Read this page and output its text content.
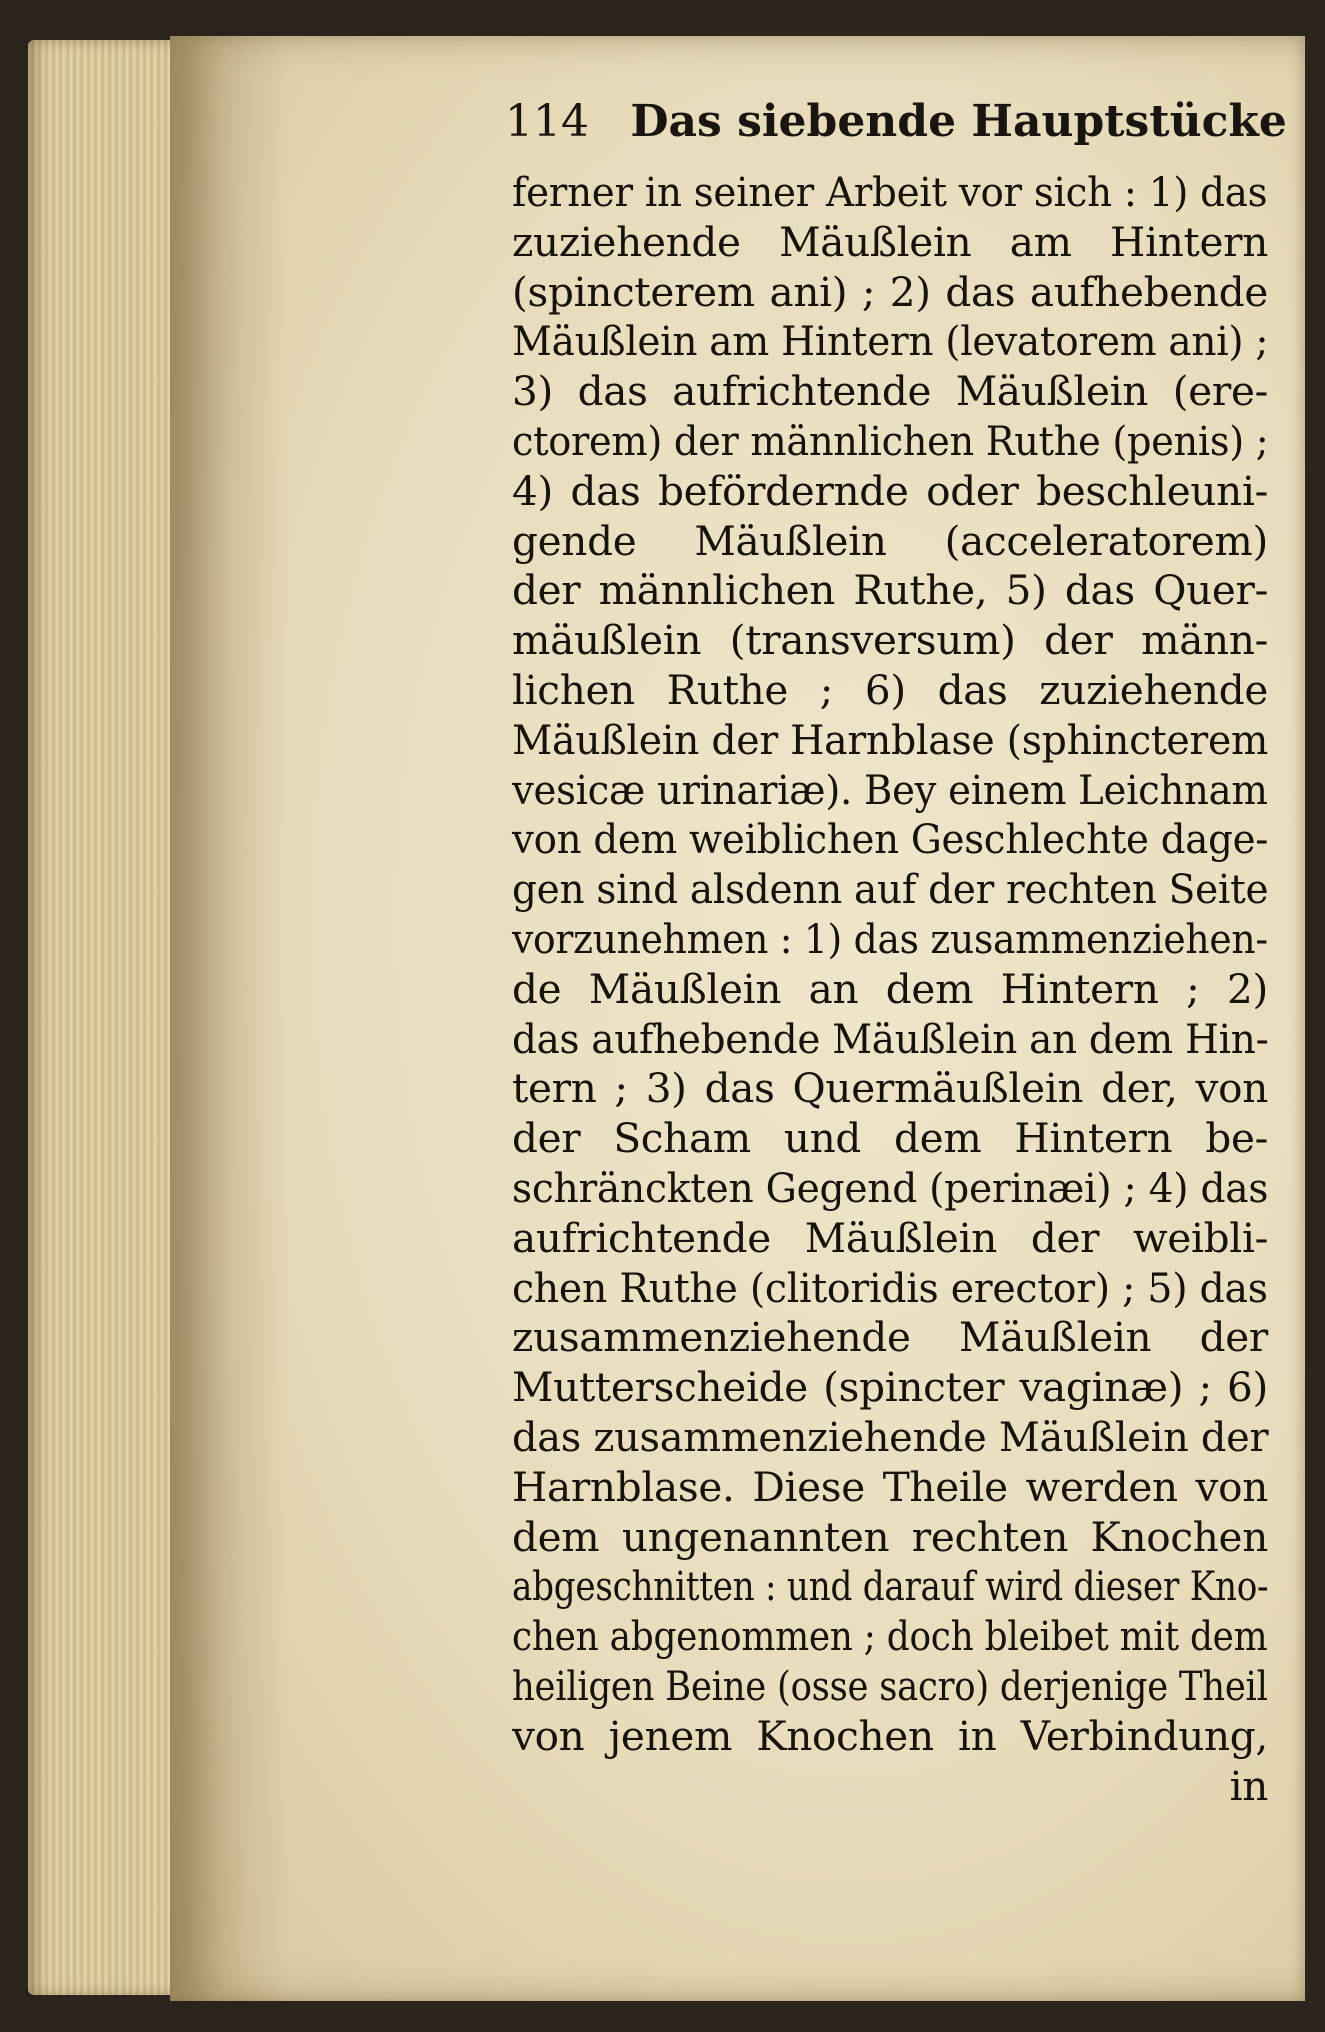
114 Das siebende Hauptstücke
ferner in seiner Arbeit vor sich : 1) das
zuziehende Mäußlein am Hintern
(spincterem ani) ; 2) das aufhebende
Mäußlein am Hintern (levatorem ani) ;
3) das aufrichtende Mäußlein (ere-
ctorem) der männlichen Ruthe (penis) ;
4) das befördernde oder beschleuni-
gende Mäußlein (acceleratorem)
der männlichen Ruthe, 5) das Quer-
mäußlein (transversum) der männ-
lichen Ruthe ; 6) das zuziehende
Mäußlein der Harnblase (sphincterem
vesicæ urinariæ). Bey einem Leichnam
von dem weiblichen Geschlechte dage-
gen sind alsdenn auf der rechten Seite
vorzunehmen : 1) das zusammenziehen-
de Mäußlein an dem Hintern ; 2)
das aufhebende Mäußlein an dem Hin-
tern ; 3) das Quermäußlein der, von
der Scham und dem Hintern be-
schränckten Gegend (perinæi) ; 4) das
aufrichtende Mäußlein der weibli-
chen Ruthe (clitoridis erector) ; 5) das
zusammenziehende Mäußlein der
Mutterscheide (spincter vaginæ) ; 6)
das zusammenziehende Mäußlein der
Harnblase. Diese Theile werden von
dem ungenannten rechten Knochen
abgeschnitten : und darauf wird dieser Kno-
chen abgenommen ; doch bleibet mit dem
heiligen Beine (osse sacro) derjenige Theil
von jenem Knochen in Verbindung,
in
